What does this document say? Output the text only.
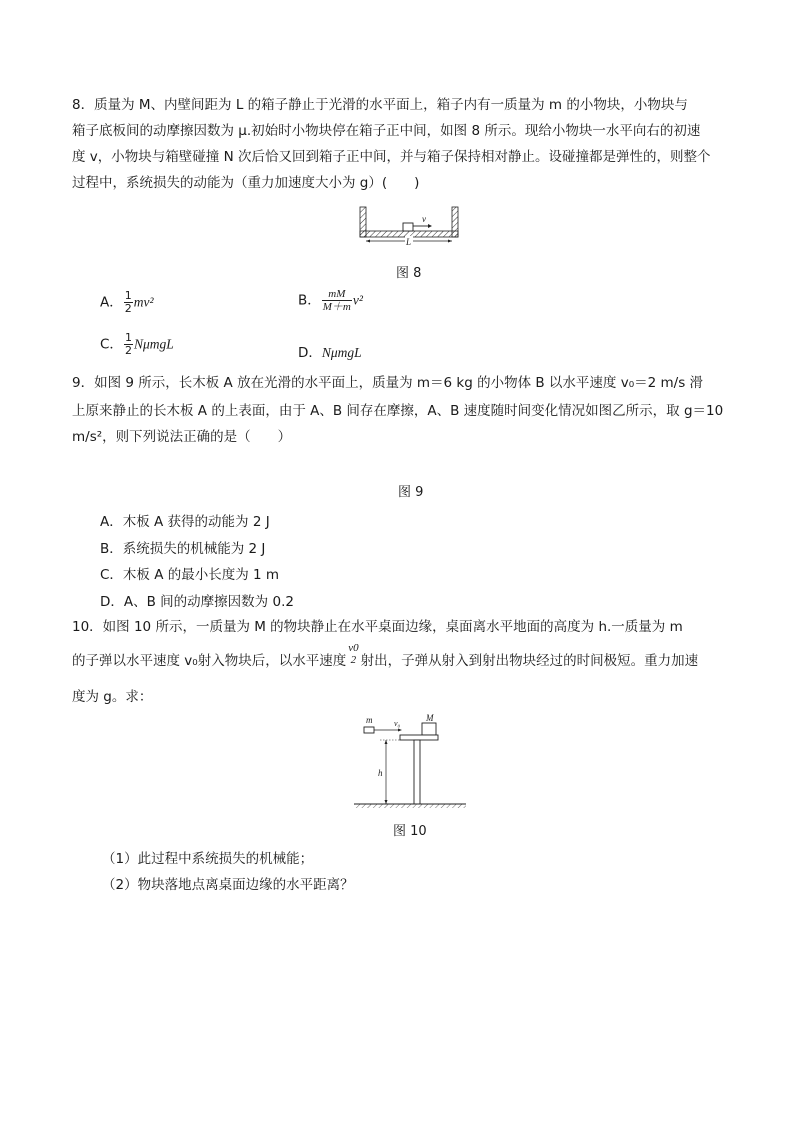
8．质量为 M、内壁间距为 L 的箱子静止于光滑的水平面上，箱子内有一质量为 m 的小物块，小物块与
箱子底板间的动摩擦因数为 μ.初始时小物块停在箱子正中间，如图 8 所示。现给小物块一水平向右的初速
度 v，小物块与箱壁碰撞 N 次后恰又回到箱子正中间，并与箱子保持相对静止。设碰撞都是弹性的，则整个
过程中，系统损失的动能为（重力加速度大小为 g）(　　)
v
L
图 8
A． $\frac{1}{2} mv^2$	B． $\frac{mM}{M+m} v^2$
C． $\frac{1}{2}$ NμmgL
D．NμmgL
9．如图 9 所示，长木板 A 放在光滑的水平面上，质量为 m＝6 kg 的小物体 B 以水平速度 v₀＝2 m/s 滑
上原来静止的长木板 A 的上表面，由于 A、B 间存在摩擦，A、B 速度随时间变化情况如图乙所示，取 g＝10
m/s²，则下列说法正确的是（　　）
图 9
A．木板 A 获得的动能为 2 J
B．系统损失的机械能为 2 J
C．木板 A 的最小长度为 1 m
D．A、B 间的动摩擦因数为 0.2
10．如图 10 所示，一质量为 M 的物块静止在水平桌面边缘，桌面离水平地面的高度为 h.一质量为 m
的子弹以水平速度 v₀射入物块后，以水平速度
v0
2 射出，子弹从射入到射出物块经过的时间极短。重力加速
度为 g。求：
m	v₀
M
h
图 10
（1）此过程中系统损失的机械能；
（2）物块落地点离桌面边缘的水平距离？
